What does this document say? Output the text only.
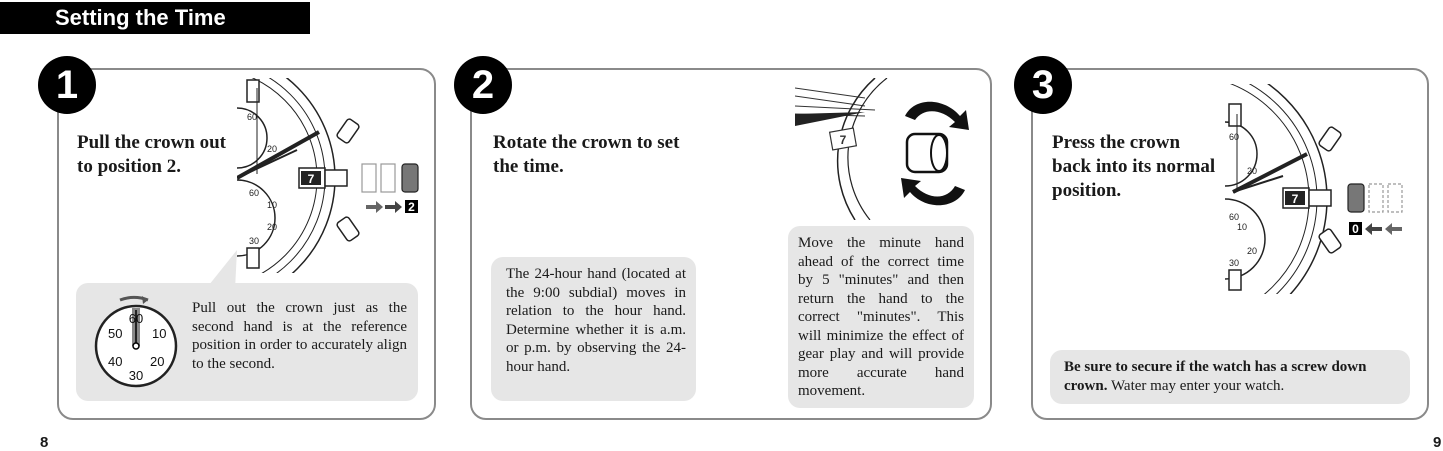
Setting the Time
1
Pull the crown out to position 2.
7
60
20
60
10
20
30
2
60
10
20
30
40
50
Pull out the crown just as the second hand is at the reference position in order to accurately align to the second.
2
Rotate the crown to set the time.
7
The 24-hour hand (located at the 9:00 subdial) moves in relation to the hour hand. Determine whether it is a.m. or p.m. by observing the 24-hour hand.
Move the minute hand ahead of the correct time by 5 "minutes" and then return the hand to the correct "minutes". This will minimize the effect of gear play and will provide more accurate hand movement.
3
Press the crown back into its normal position.	7
60
20
60
10
20
30
0
Be sure to secure if the watch has a screw down crown. Water may enter your watch.
8	9
